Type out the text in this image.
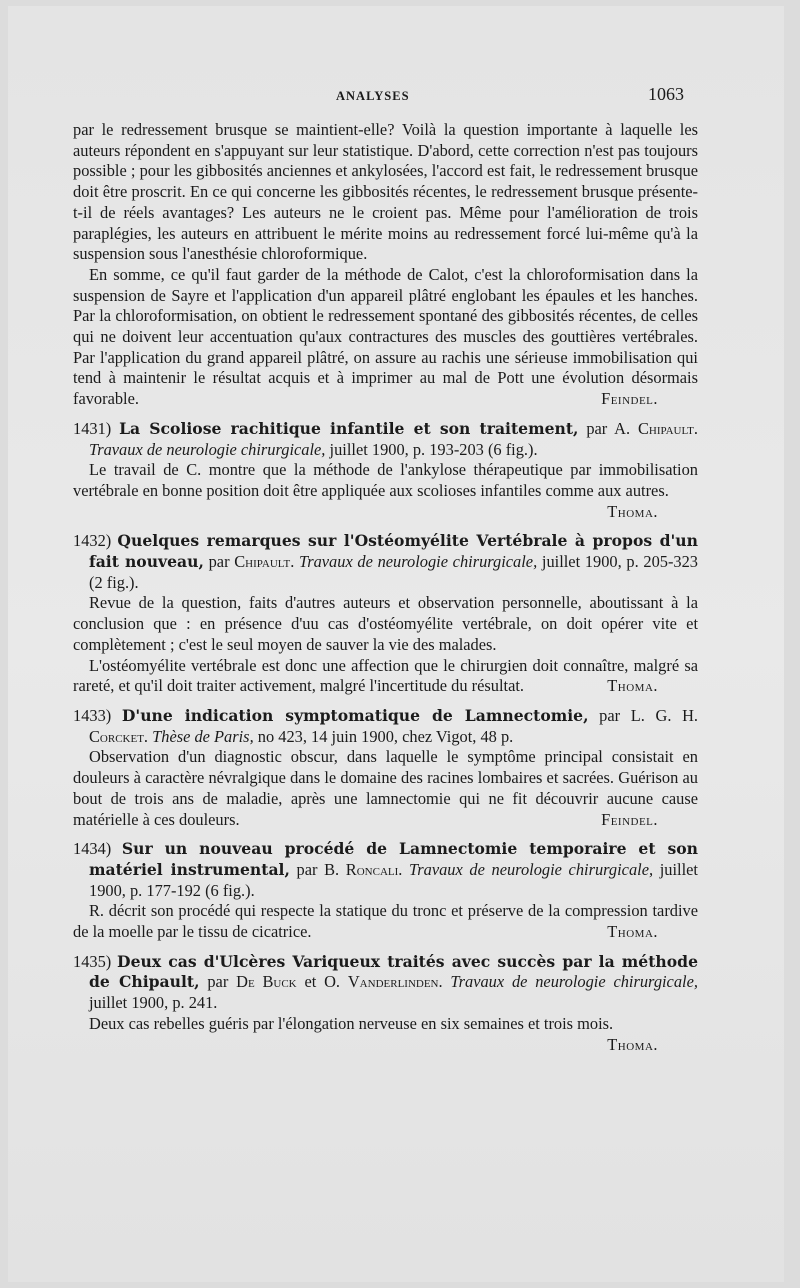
ANALYSES	1063

par le redressement brusque se maintient-elle? Voilà la question importante à laquelle les auteurs répondent en s'appuyant sur leur statistique. D'abord, cette correction n'est pas toujours possible ; pour les gibbosités anciennes et ankylosées, l'accord est fait, le redressement brusque doit être proscrit. En ce qui concerne les gibbosités récentes, le redressement brusque présente-t-il de réels avantages? Les auteurs ne le croient pas. Même pour l'amélioration de trois paraplégies, les auteurs en attribuent le mérite moins au redressement forcé lui-même qu'à la suspension sous l'anesthésie chloroformique.

En somme, ce qu'il faut garder de la méthode de Calot, c'est la chloroformisation dans la suspension de Sayre et l'application d'un appareil plâtré englobant les épaules et les hanches. Par la chloroformisation, on obtient le redressement spontané des gibbosités récentes, de celles qui ne doivent leur accentuation qu'aux contractures des muscles des gouttières vertébrales. Par l'application du grand appareil plâtré, on assure au rachis une sérieuse immobilisation qui tend à maintenir le résultat acquis et à imprimer au mal de Pott une évolution désormais favorable.	Feindel.

1431) La Scoliose rachitique infantile et son traitement, par A. Chipault. Travaux de neurologie chirurgicale, juillet 1900, p. 193-203 (6 fig.).

Le travail de C. montre que la méthode de l'ankylose thérapeutique par immobilisation vertébrale en bonne position doit être appliquée aux scolioses infantiles comme aux autres.
Thoma.

1432) Quelques remarques sur l'Ostéomyélite Vertébrale à propos d'un fait nouveau, par Chipault. Travaux de neurologie chirurgicale, juillet 1900, p. 205-323 (2 fig.).

Revue de la question, faits d'autres auteurs et observation personnelle, aboutissant à la conclusion que : en présence d'uu cas d'ostéomyélite vertébrale, on doit opérer vite et complètement ; c'est le seul moyen de sauver la vie des malades.

L'ostéomyélite vertébrale est donc une affection que le chirurgien doit connaître, malgré sa rareté, et qu'il doit traiter activement, malgré l'incertitude du résultat.	Thoma.

1433) D'une indication symptomatique de Lamnectomie, par L. G. H. Corcket. Thèse de Paris, no 423, 14 juin 1900, chez Vigot, 48 p.

Observation d'un diagnostic obscur, dans laquelle le symptôme principal consistait en douleurs à caractère névralgique dans le domaine des racines lombaires et sacrées. Guérison au bout de trois ans de maladie, après une lamnectomie qui ne fit découvrir aucune cause matérielle à ces douleurs.	Feindel.

1434) Sur un nouveau procédé de Lamnectomie temporaire et son matériel instrumental, par B. Roncali. Travaux de neurologie chirurgicale, juillet 1900, p. 177-192 (6 fig.).

R. décrit son procédé qui respecte la statique du tronc et préserve de la compression tardive de la moelle par le tissu de cicatrice.	Thoma.

1435) Deux cas d'Ulcères Variqueux traités avec succès par la méthode de Chipault, par De Buck et O. Vanderlinden. Travaux de neurologie chirurgicale, juillet 1900, p. 241.

Deux cas rebelles guéris par l'élongation nerveuse en six semaines et trois mois.
Thoma.
